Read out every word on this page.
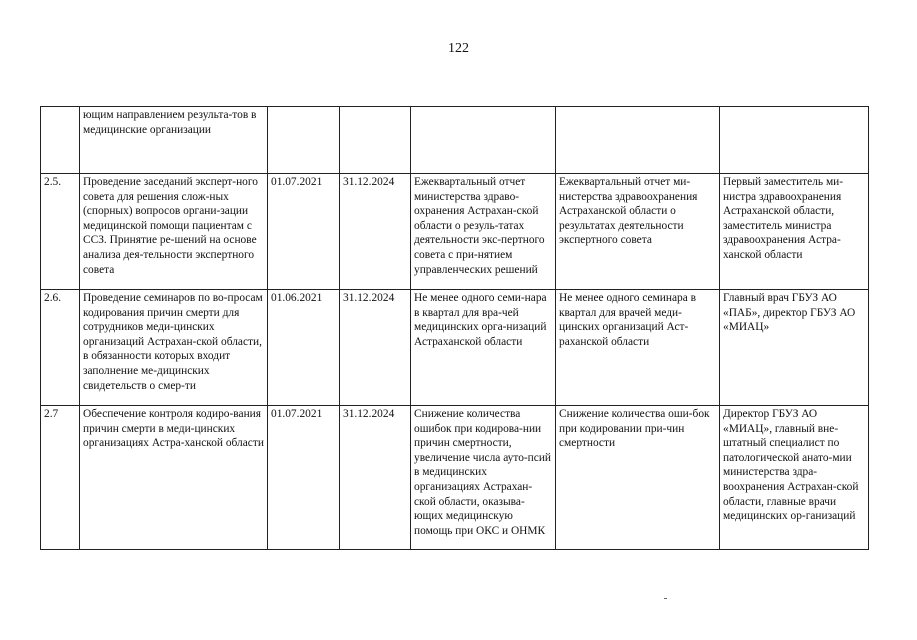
122
	ющим направлением результа-тов в медицинские организации					
2.5.	Проведение заседаний эксперт-ного совета для решения слож-ных (спорных) вопросов органи-зации медицинской помощи пациентам с ССЗ. Принятие ре-шений на основе анализа дея-тельности экспертного совета	01.07.2021	31.12.2024	Ежеквартальный отчет министерства здраво-охранения Астрахан-ской области о резуль-татах деятельности экс-пертного совета с при-нятием управленческих решений	Ежеквартальный отчет ми-нистерства здравоохранения Астраханской области о результатах деятельности экспертного совета	Первый заместитель ми-нистра здравоохранения Астраханской области, заместитель министра здравоохранения Астра-ханской области
2.6.	Проведение семинаров по во-просам кодирования причин смерти для сотрудников меди-цинских организаций Астрахан-ской области, в обязанности которых входит заполнение ме-дицинских свидетельств о смер-ти	01.06.2021	31.12.2024	Не менее одного семи-нара в квартал для вра-чей медицинских орга-низаций Астраханской области	Не менее одного семинара в квартал для врачей меди-цинских организаций Аст-раханской области	Главный врач ГБУЗ АО «ПАБ», директор ГБУЗ АО «МИАЦ»
2.7	Обеспечение контроля кодиро-вания причин смерти в меди-цинских организациях Астра-ханской области	01.07.2021	31.12.2024	Снижение количества ошибок при кодирова-нии причин смертности, увеличение числа ауто-псий в медицинских организациях Астрахан-ской области, оказыва-ющих медицинскую помощь при ОКС и ОНМК	Снижение количества оши-бок при кодировании при-чин смертности	Директор ГБУЗ АО «МИАЦ», главный вне-штатный специалист по патологической анато-мии министерства здра-воохранения Астрахан-ской области, главные врачи медицинских ор-ганизаций
